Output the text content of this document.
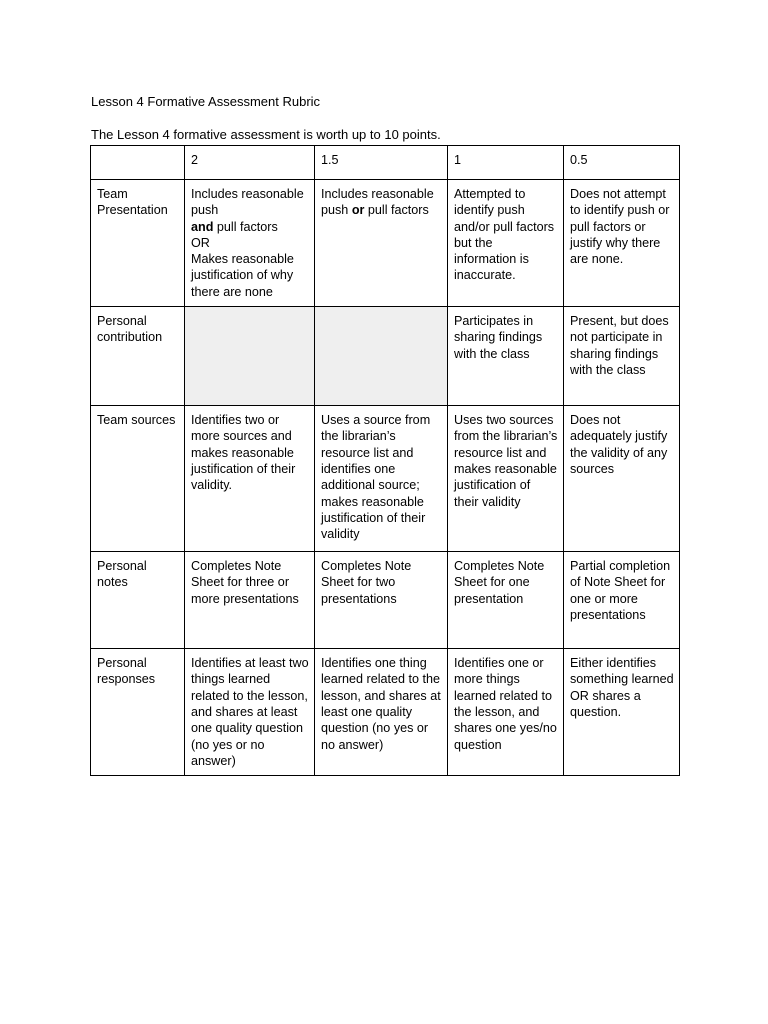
Lesson 4 Formative Assessment Rubric
The Lesson 4 formative assessment is worth up to 10 points.
	2	1.5	1	0.5
Team Presentation	Includes reasonable push
and pull factors
OR
Makes reasonable justification of why there are none	Includes reasonable push or pull factors	Attempted to identify push and/or pull factors but the information is inaccurate.	Does not attempt to identify push or pull factors or justify why there are none.
Personal contribution			Participates in sharing findings with the class	Present, but does not participate in sharing findings with the class
Team sources	Identifies two or more sources and makes reasonable justification of their validity.	Uses a source from the librarian’s resource list and identifies one additional source; makes reasonable justification of their validity	Uses two sources from the librarian’s resource list and makes reasonable justification of their validity	Does not adequately justify the validity of any sources
Personal notes	Completes Note Sheet for three or more presentations	Completes Note Sheet for two presentations	Completes Note Sheet for one presentation	Partial completion of Note Sheet for one or more presentations
Personal responses	Identifies at least two things learned related to the lesson, and shares at least one quality question (no yes or no answer)	Identifies one thing learned related to the lesson, and shares at least one quality question (no yes or no answer)	Identifies one or more things learned related to the lesson, and shares one yes/no question	Either identifies something learned OR shares a question.
